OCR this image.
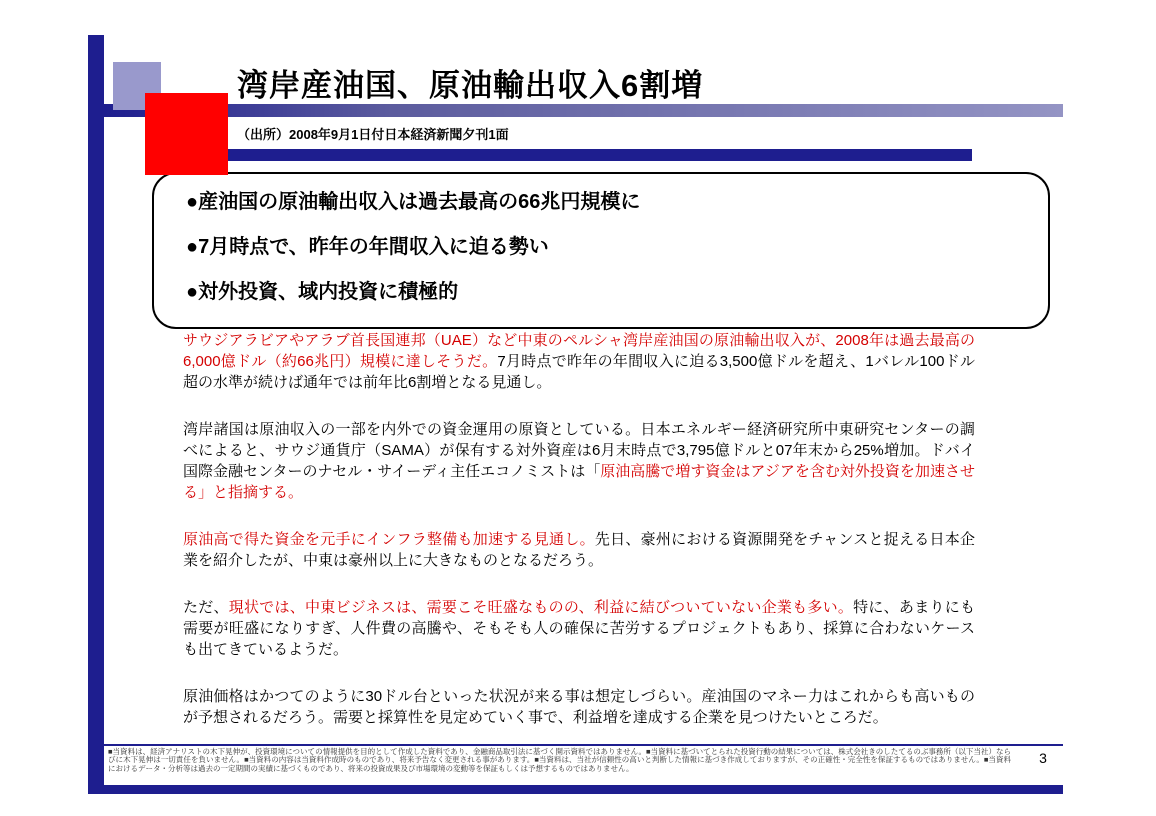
湾岸産油国、原油輸出収入6割増
（出所）2008年9月1日付日本経済新聞夕刊1面
●産油国の原油輸出収入は過去最高の66兆円規模に
●7月時点で、昨年の年間収入に迫る勢い
●対外投資、域内投資に積極的

サウジアラビアやアラブ首長国連邦（UAE）など中東のペルシャ湾岸産油国の原油輸出収入が、2008年は過去最高の6,000億ドル（約66兆円）規模に達しそうだ。7月時点で昨年の年間収入に迫る3,500億ドルを超え、1バレル100ドル超の水準が続けば通年では前年比6割増となる見通し。

湾岸諸国は原油収入の一部を内外での資金運用の原資としている。日本エネルギー経済研究所中東研究センターの調べによると、サウジ通貨庁（SAMA）が保有する対外資産は6月末時点で3,795億ドルと07年末から25%増加。ドバイ国際金融センターのナセル・サイーディ主任エコノミストは「原油高騰で増す資金はアジアを含む対外投資を加速させる」と指摘する。

原油高で得た資金を元手にインフラ整備も加速する見通し。先日、豪州における資源開発をチャンスと捉える日本企業を紹介したが、中東は豪州以上に大きなものとなるだろう。

ただ、現状では、中東ビジネスは、需要こそ旺盛なものの、利益に結びついていない企業も多い。特に、あまりにも需要が旺盛になりすぎ、人件費の高騰や、そもそも人の確保に苦労するプロジェクトもあり、採算に合わないケースも出てきているようだ。

原油価格はかつてのように30ドル台といった状況が来る事は想定しづらい。産油国のマネー力はこれからも高いものが予想されるだろう。需要と採算性を見定めていく事で、利益増を達成する企業を見つけたいところだ。

■当資料は、経済アナリストの木下晃伸が、投資環境についての情報提供を目的として作成した資料であり、金融商品取引法に基づく開示資料ではありません。■当資料に基づいてとられた投資行動の結果については、株式会社きのしたてるのぶ事務所（以下当社）ならびに木下晃伸は一切責任を負いません。■当資料の内容は当資料作成時のものであり、将来予告なく変更される事があります。■当資料は、当社が信頼性の高いと判断した情報に基づき作成しておりますが、その正確性・完全性を保証するものではありません。■当資料におけるデータ・分析等は過去の一定期間の実績に基づくものであり、将来の投資成果及び市場環境の変動等を保証もしくは予想するものではありません。
3
